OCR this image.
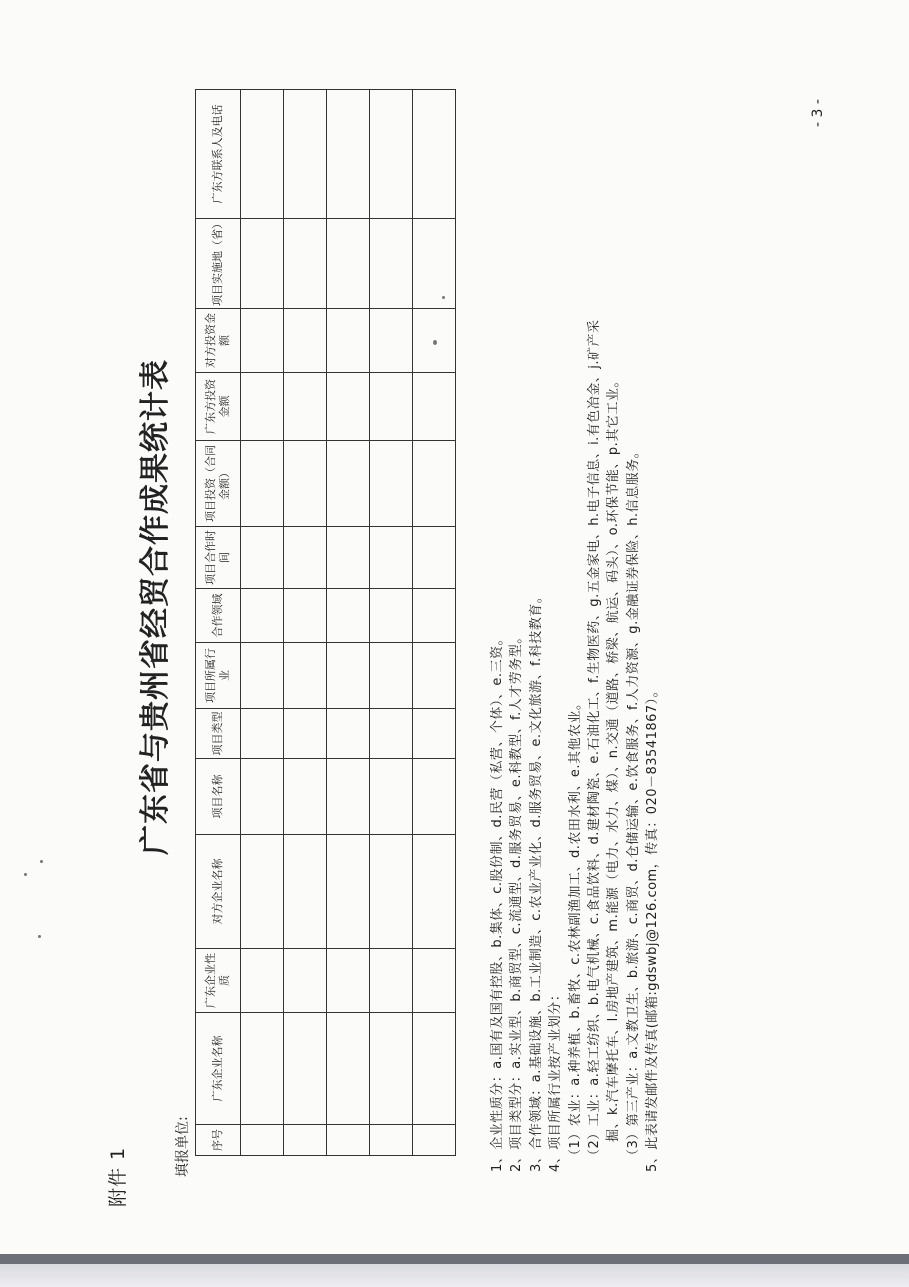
附件 1
广东省与贵州省经贸合作成果统计表
填报单位: 序号	广东企业名称	广东企业性质	对方企业名称	项目名称	项目类型	项目所属行业	合作领域	项目合作时间	项目投资（合同金额）	广东方投资金额	对方投资金额	项目实施地（省）	广东方联系人及电话

1、企业性质分：a.国有及国有控股、b.集体、c.股份制、d.民营（私营、个体）、e.三资。 2、项目类型分：a.实业型、b.商贸型、c.流通型、d.服务贸易、e.科教型、f.人才劳务型。 3、合作领域：a.基础设施、b.工业制造、c.农业产业化、d.服务贸易、e.文化旅游、f.科技教育。 4、项目所属行业按产业划分： （1）农业：a.种养植、b.畜牧、c.农林副渔加工、d.农田水利、e.其他农业。 （2）工业：a.轻工纺织、b.电气机械、c.食品饮料、d.建材陶瓷、e.石油化工、f.生物医药、g.五金家电、h.电子信息、i.有色冶金、j.矿产采 掘、k.汽车摩托车、l.房地产建筑、m.能源（电力、水力、煤）、n.交通（道路、桥梁、航运、码头）、o.环保节能、p.其它工业。 （3）第三产业：a.文教卫生、b.旅游、c.商贸、d.仓储运输、e.饮食服务、f.人力资源、g.金融证券保险、h.信息服务。 5、此表请发邮件及传真(邮箱:gdswbj@126.com，传真：020－83541867）。
- 3 -
